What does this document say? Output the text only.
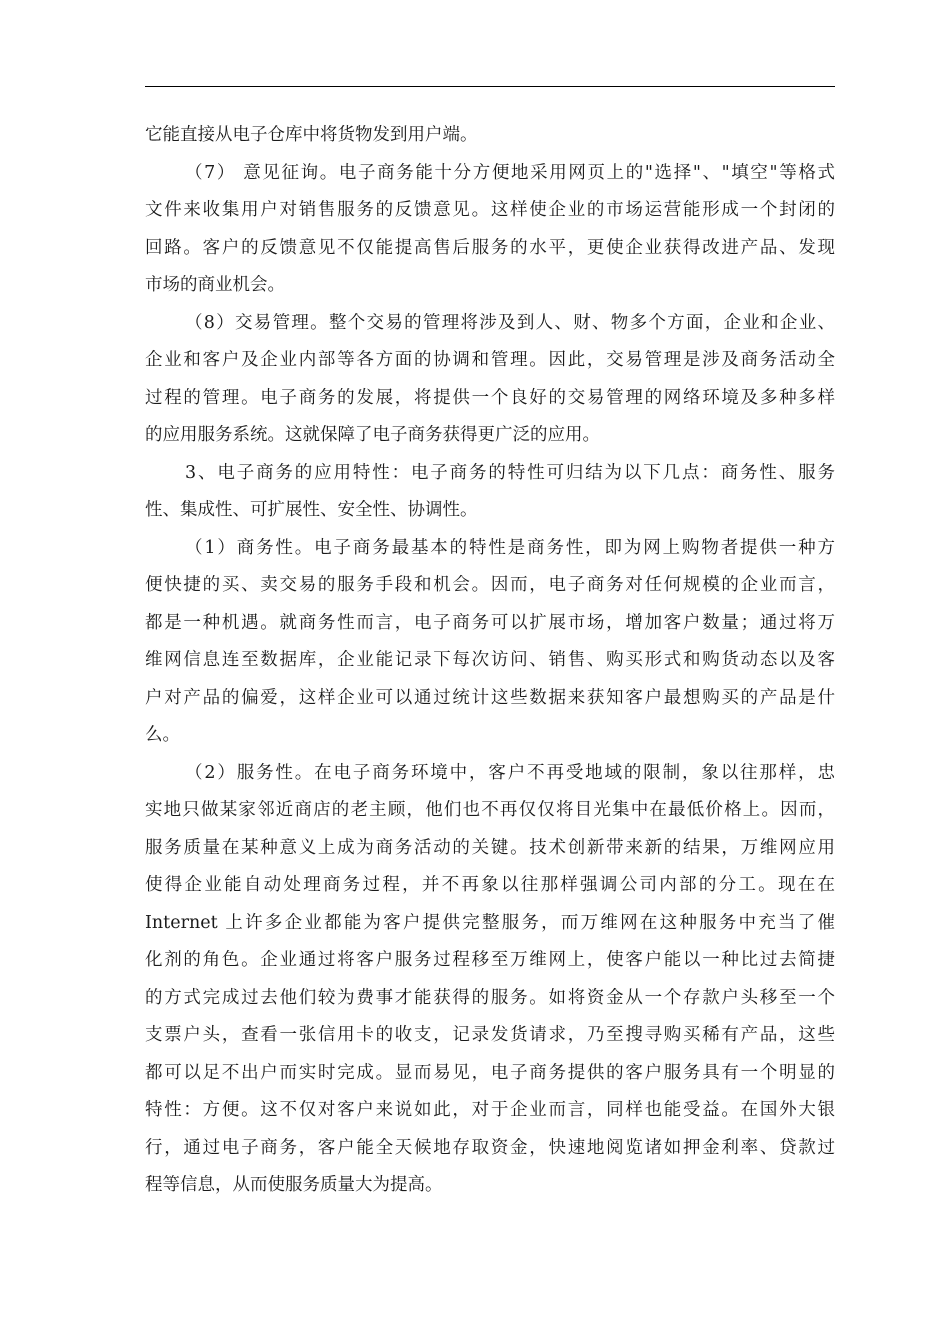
它能直接从电子仓库中将货物发到用户端。
（7） 意见征询。电子商务能十分方便地采用网页上的"选择"、"填空"等格式
文件来收集用户对销售服务的反馈意见。这样使企业的市场运营能形成一个封闭的
回路。客户的反馈意见不仅能提高售后服务的水平，更使企业获得改进产品、发现
市场的商业机会。
（8）交易管理。整个交易的管理将涉及到人、财、物多个方面，企业和企业、
企业和客户及企业内部等各方面的协调和管理。因此，交易管理是涉及商务活动全
过程的管理。电子商务的发展，将提供一个良好的交易管理的网络环境及多种多样
的应用服务系统。这就保障了电子商务获得更广泛的应用。
3、电子商务的应用特性：电子商务的特性可归结为以下几点：商务性、服务
性、集成性、可扩展性、安全性、协调性。
（1）商务性。电子商务最基本的特性是商务性，即为网上购物者提供一种方
便快捷的买、卖交易的服务手段和机会。因而，电子商务对任何规模的企业而言，
都是一种机遇。就商务性而言，电子商务可以扩展市场，增加客户数量；通过将万
维网信息连至数据库，企业能记录下每次访问、销售、购买形式和购货动态以及客
户对产品的偏爱，这样企业可以通过统计这些数据来获知客户最想购买的产品是什
么。
（2）服务性。在电子商务环境中，客户不再受地域的限制，象以往那样，忠
实地只做某家邻近商店的老主顾，他们也不再仅仅将目光集中在最低价格上。因而，
服务质量在某种意义上成为商务活动的关键。技术创新带来新的结果，万维网应用
使得企业能自动处理商务过程，并不再象以往那样强调公司内部的分工。现在在
Internet 上许多企业都能为客户提供完整服务，而万维网在这种服务中充当了催
化剂的角色。企业通过将客户服务过程移至万维网上，使客户能以一种比过去简捷
的方式完成过去他们较为费事才能获得的服务。如将资金从一个存款户头移至一个
支票户头，查看一张信用卡的收支，记录发货请求，乃至搜寻购买稀有产品，这些
都可以足不出户而实时完成。显而易见，电子商务提供的客户服务具有一个明显的
特性：方便。这不仅对客户来说如此，对于企业而言，同样也能受益。在国外大银
行，通过电子商务，客户能全天候地存取资金，快速地阅览诸如押金利率、贷款过
程等信息，从而使服务质量大为提高。
